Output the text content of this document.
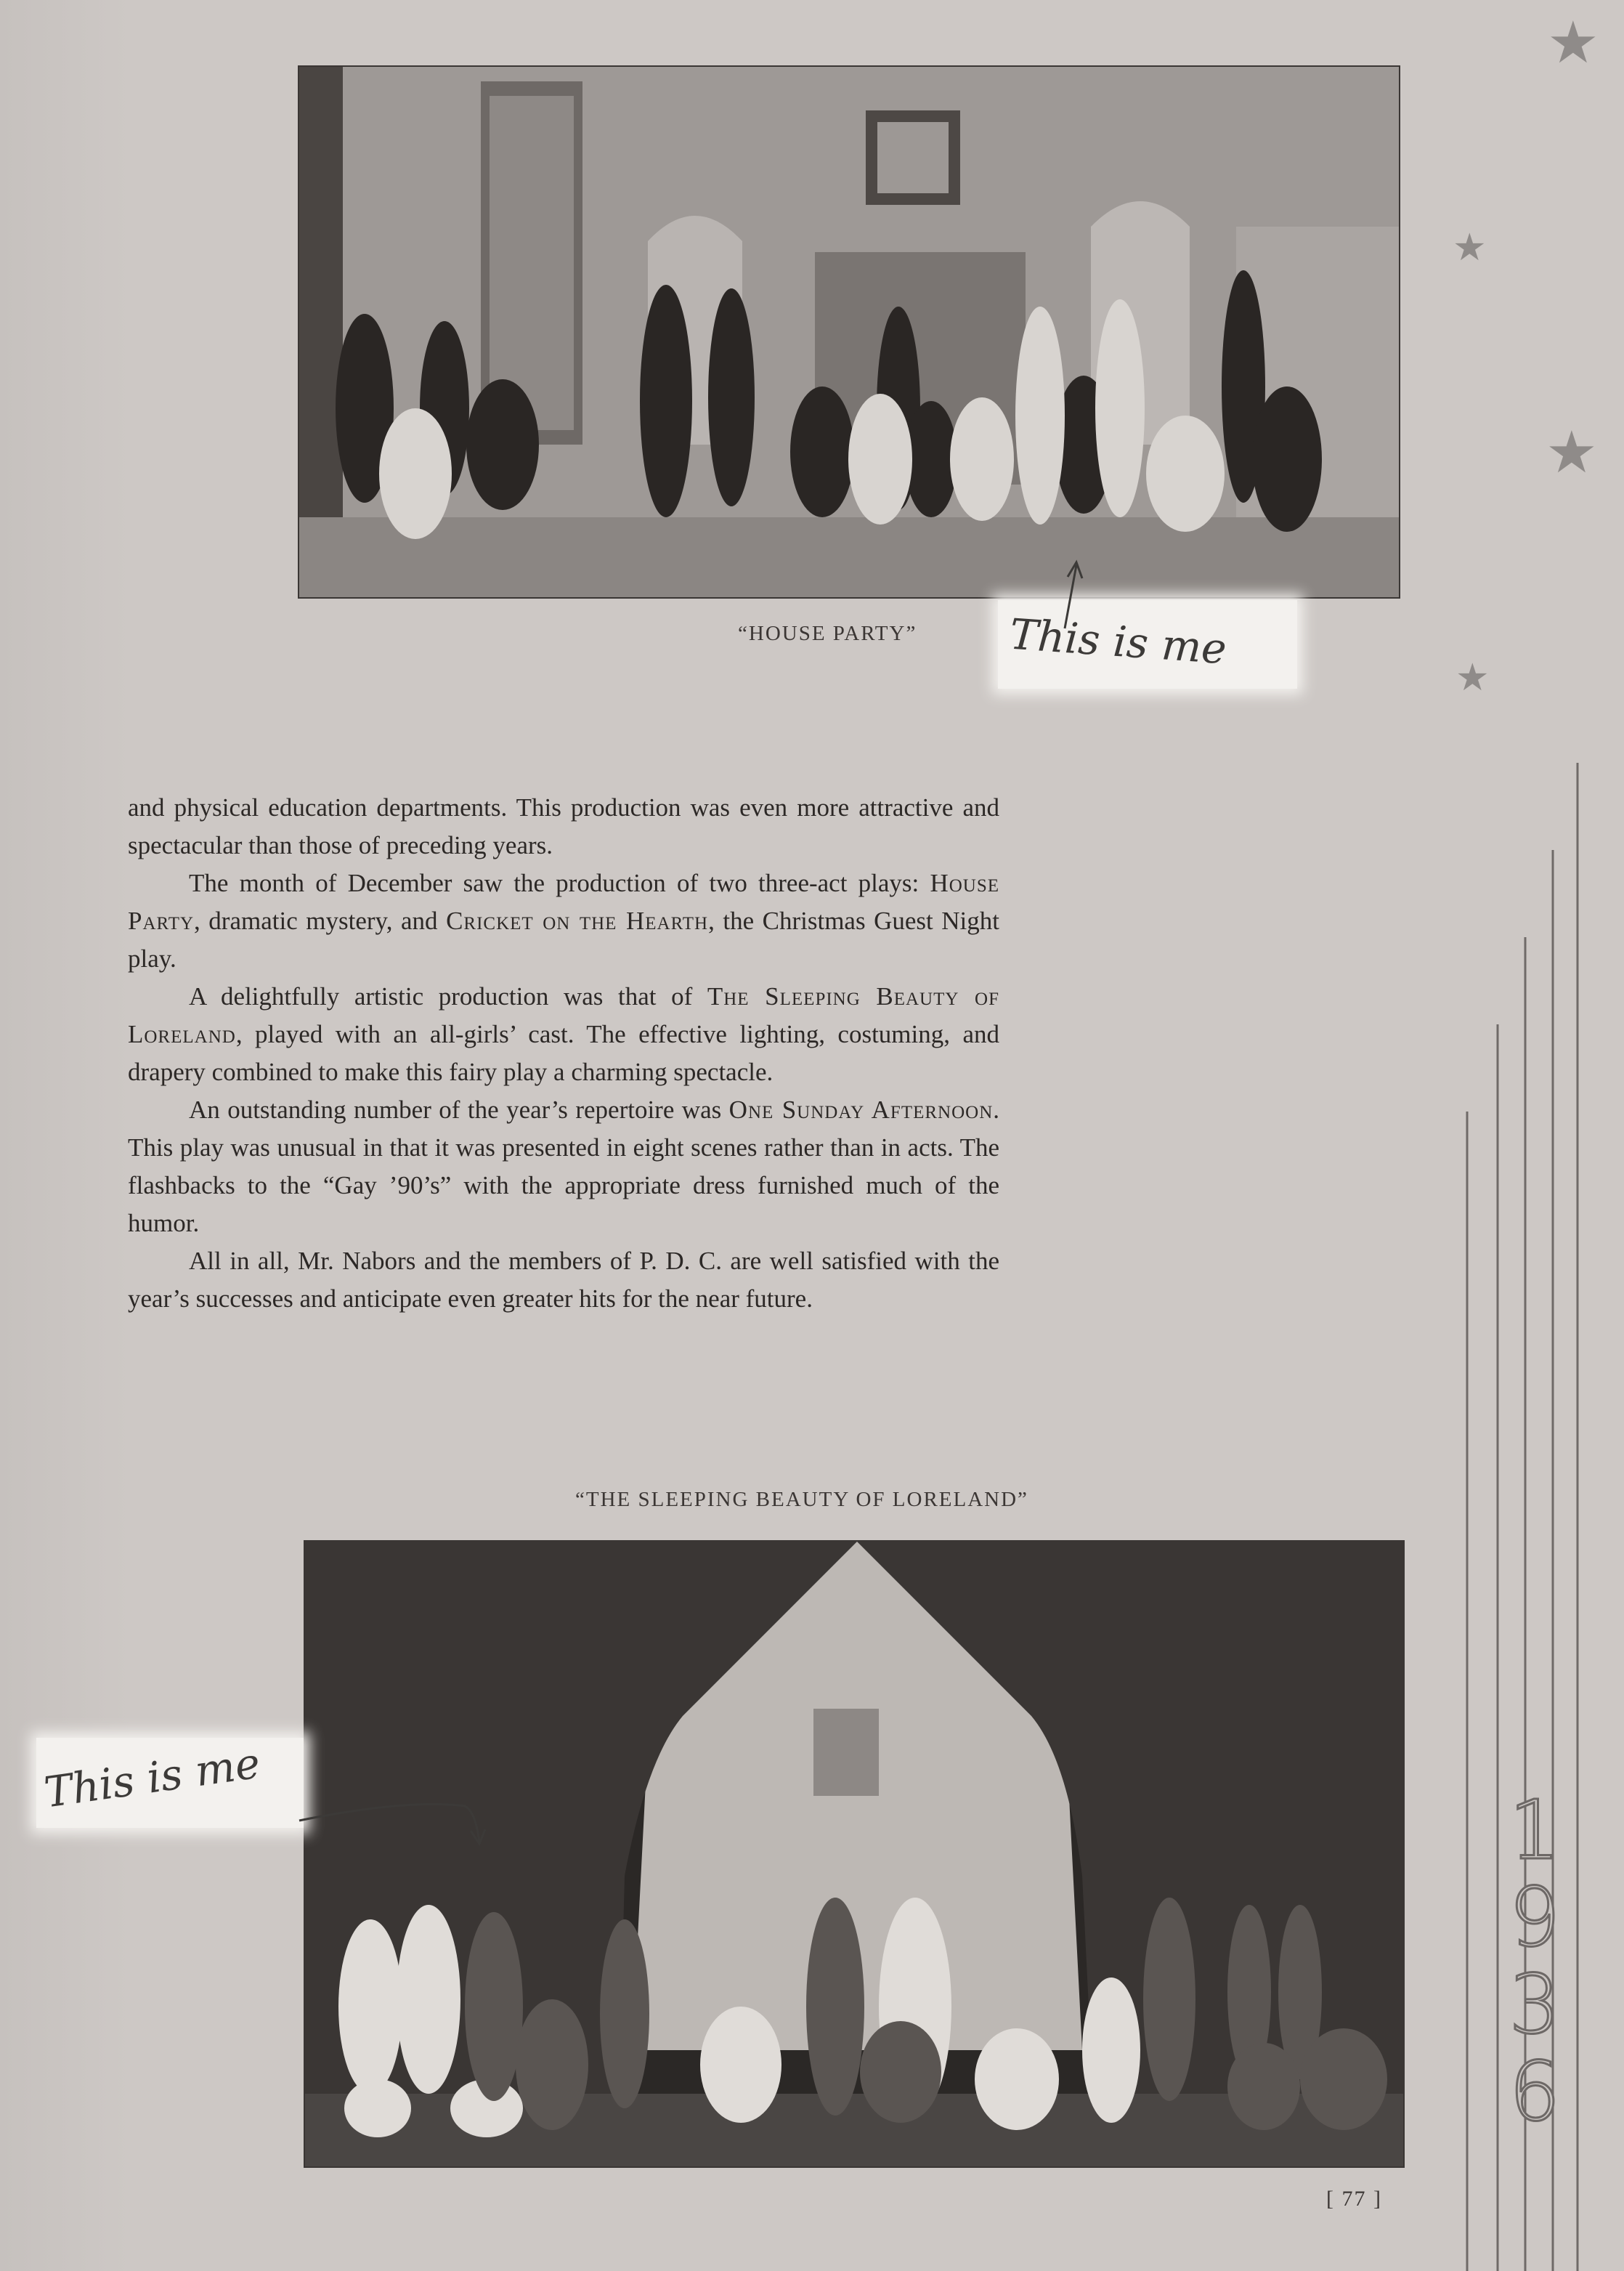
“HOUSE PARTY” This is me

and physical education departments. This production was even more attractive and spectacular than those of preceding years.

The month of December saw the production of two three-act plays: House Party, dramatic mystery, and Cricket on the Hearth, the Christmas Guest Night play.

A delightfully artistic production was that of The Sleeping Beauty of Loreland, played with an all-girls’ cast. The effective lighting, costuming, and drapery combined to make this fairy play a charming spectacle.

An outstanding number of the year’s repertoire was One Sunday Afternoon. This play was unusual in that it was presented in eight scenes rather than in acts. The flashbacks to the “Gay ’90’s” with the appropriate dress furnished much of the humor.

All in all, Mr. Nabors and the members of P. D. C. are well satisfied with the year’s successes and anticipate even greater hits for the near future.

“THE SLEEPING BEAUTY OF LORELAND”
This is me
★
★
★
★
1
9
3
6
[ 77 ]
